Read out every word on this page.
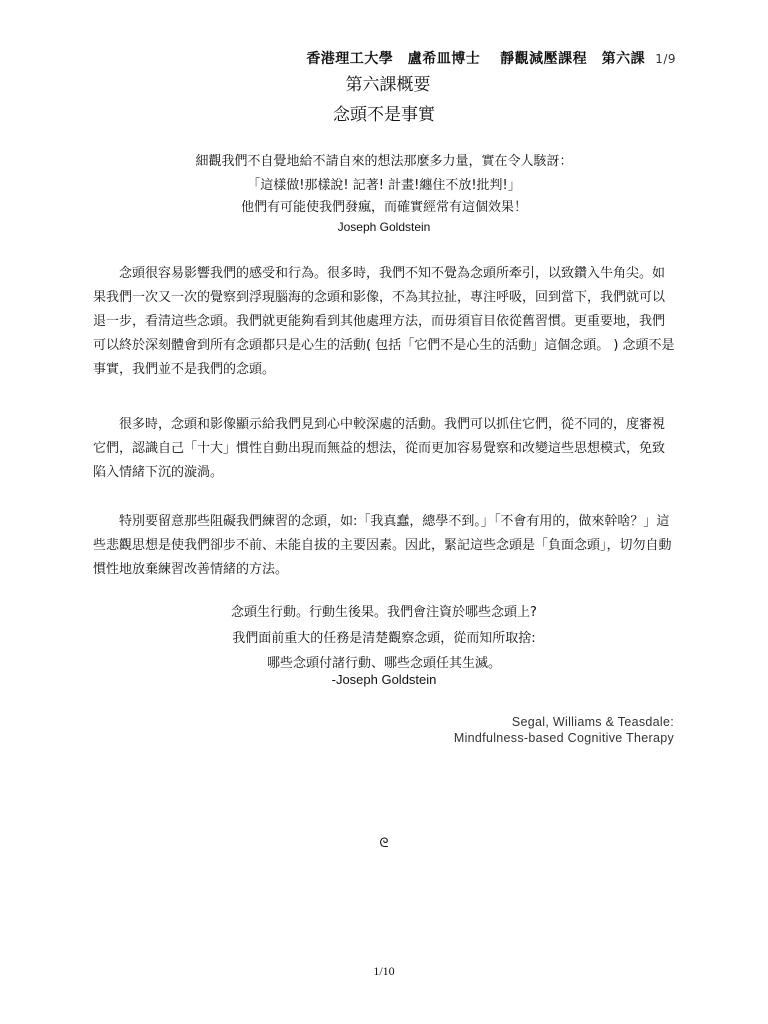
香港理工大學　盧希皿博士　 靜觀減壓課程　第六課 1/9
第六課概要
念頭不是事實
細觀我們不自覺地給不請自來的想法那麼多力量，實在令人駭訝：
「這樣做!那樣說! 記著! 計畫!纏住不放!批判!」
他們有可能使我們發瘋，而確實經常有這個效果！
Joseph Goldstein

念頭很容易影響我們的感受和行為。很多時，我們不知不覺為念頭所牽引，以致鑽入牛角尖。如果我們一次又一次的覺察到浮現腦海的念頭和影像，不為其拉扯，專注呼吸，回到當下，我們就可以退一步，看清這些念頭。我們就更能夠看到其他處理方法，而毋須盲目依從舊習慣。更重要地，我們可以終於深刻體會到所有念頭都只是心生的活動( 包括「它們不是心生的活動」這個念頭。 ) 念頭不是事實，我們並不是我們的念頭。

很多時，念頭和影像顯示給我們見到心中較深處的活動。我們可以抓住它們，從不同的，度審視它們，認識自己「十大」慣性自動出現而無益的想法，從而更加容易覺察和改變這些思想模式，免致陷入情緒下沉的漩渦。

特別要留意那些阻礙我們練習的念頭，如:「我真蠢，總學不到。」「不會有用的，做來幹啥？」這些悲觀思想是使我們卻步不前、未能自拔的主要因素。因此，緊記這些念頭是「負面念頭」，切勿自動慣性地放棄練習改善情緒的方法。

念頭生行動。行動生後果。我們會注資於哪些念頭上?
我們面前重大的任務是清楚觀察念頭，從而知所取捨:
哪些念頭付諸行動、哪些念頭任其生滅。
-Joseph Goldstein
Segal, Williams & Teasdale:
Mindfulness-based Cognitive Therapy
ᘓ
1/10
